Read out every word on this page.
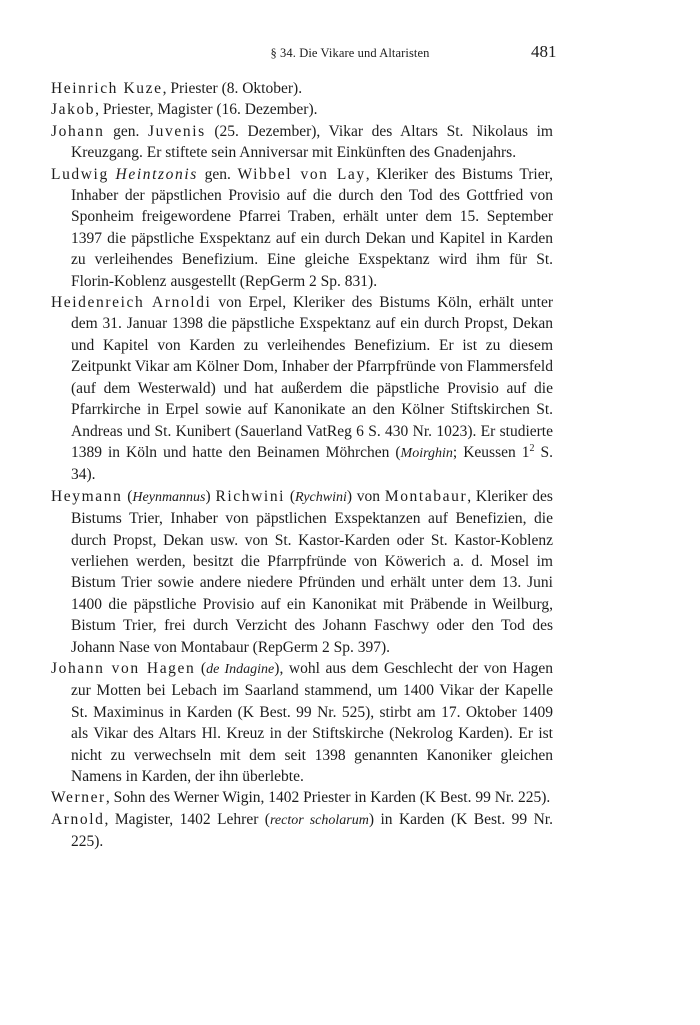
§ 34. Die Vikare und Altaristen	481

Heinrich Kuze, Priester (8. Oktober).

Jakob, Priester, Magister (16. Dezember).

Johann gen. Juvenis (25. Dezember), Vikar des Altars St. Nikolaus im Kreuzgang. Er stiftete sein Anniversar mit Einkünften des Gnadenjahrs.

Ludwig Heintzonis gen. Wibbel von Lay, Kleriker des Bistums Trier, Inhaber der päpstlichen Provisio auf die durch den Tod des Gottfried von Sponheim freigewordene Pfarrei Traben, erhält unter dem 15. September 1397 die päpstliche Exspektanz auf ein durch Dekan und Kapitel in Karden zu verleihendes Benefizium. Eine gleiche Exspektanz wird ihm für St. Florin-Koblenz ausgestellt (RepGerm 2 Sp. 831).

Heidenreich Arnoldi von Erpel, Kleriker des Bistums Köln, erhält unter dem 31. Januar 1398 die päpstliche Exspektanz auf ein durch Propst, Dekan und Kapitel von Karden zu verleihendes Benefizium. Er ist zu diesem Zeitpunkt Vikar am Kölner Dom, Inhaber der Pfarrpfründe von Flammersfeld (auf dem Westerwald) und hat außerdem die päpstliche Provisio auf die Pfarrkirche in Erpel sowie auf Kanonikate an den Kölner Stiftskirchen St. Andreas und St. Kunibert (Sauerland VatReg 6 S. 430 Nr. 1023). Er studierte 1389 in Köln und hatte den Beinamen Möhrchen (Moirghin; Keussen $1^2$ S. 34).

Heymann (Heynmannus) Richwini (Rychwini) von Montabaur, Kleriker des Bistums Trier, Inhaber von päpstlichen Exspektanzen auf Benefizien, die durch Propst, Dekan usw. von St. Kastor-Karden oder St. Kastor-Koblenz verliehen werden, besitzt die Pfarrpfründe von Köwerich a. d. Mosel im Bistum Trier sowie andere niedere Pfründen und erhält unter dem 13. Juni 1400 die päpstliche Provisio auf ein Kanonikat mit Präbende in Weilburg, Bistum Trier, frei durch Verzicht des Johann Faschwy oder den Tod des Johann Nase von Montabaur (RepGerm 2 Sp. 397).

Johann von Hagen (de Indagine), wohl aus dem Geschlecht der von Hagen zur Motten bei Lebach im Saarland stammend, um 1400 Vikar der Kapelle St. Maximinus in Karden (K Best. 99 Nr. 525), stirbt am 17. Oktober 1409 als Vikar des Altars Hl. Kreuz in der Stiftskirche (Nekrolog Karden). Er ist nicht zu verwechseln mit dem seit 1398 genannten Kanoniker gleichen Namens in Karden, der ihn überlebte.

Werner, Sohn des Werner Wigin, 1402 Priester in Karden (K Best. 99 Nr. 225).

Arnold, Magister, 1402 Lehrer (rector scholarum) in Karden (K Best. 99 Nr. 225).
